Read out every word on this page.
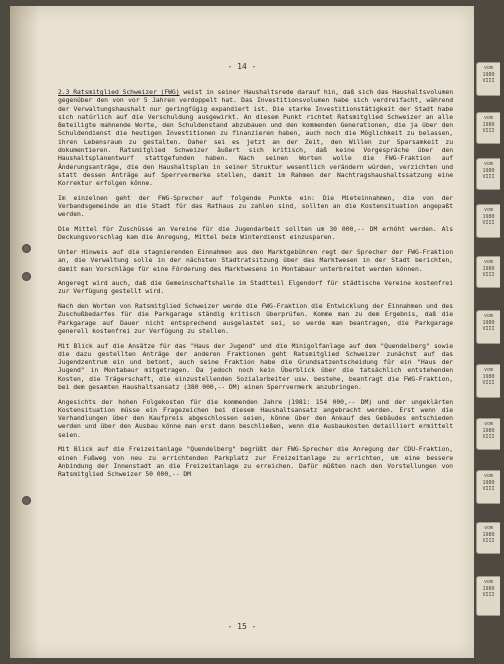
- 14 -

2.3 Ratsmitglied Schweizer (FWG) weist in seiner Haushaltsrede darauf hin, daß sich das Haushaltsvolumen gegenüber den von vor 5 Jahren verdoppelt hat. Das Investitionsvolumen habe sich verdreifacht, während der Verwaltungshaushalt nur geringfügig expandiert ist. Die starke Investitionstätigkeit der Stadt habe sich natürlich auf die Verschuldung ausgewirkt. An diesem Punkt richtet Ratsmitglied Schweizer an alle Beteiligte mahnende Worte, den Schuldenstand abzubauen und den kommenden Generationen, die ja über den Schuldendienst die heutigen Investitionen zu finanzieren haben, auch noch die Möglichkeit zu belassen, ihren Lebensraum zu gestalten. Daher sei es jetzt an der Zeit, den Willen zur Sparsamkeit zu dokumentieren. Ratsmitglied Schweizer äußert sich kritisch, daß keine Vorgespräche über den Haushaltsplanentwurf stattgefunden haben. Nach seinen Worten wolle die FWG-Fraktion auf Änderungsanträge, die den Haushaltsplan in seiner Struktur wesentlich verändern würden, verzichten und statt dessen Anträge auf Sperrvermerke stellen, damit im Rahmen der Nachtragshaushaltssatzung eine Korrektur erfolgen könne.

Im einzelnen geht der FWG-Sprecher auf folgende Punkte ein: Die Mieteinnahmen, die von der Verbandsgemeinde an die Stadt für das Rathaus zu zahlen sind, sollten an die Kostensituation angepaßt werden.

Die Mittel für Zuschüsse an Vereine für die Jugendarbeit sollten um 30 000,-- DM erhöht werden. Als Deckungsvorschlag kam die Anregung, Mittel beim Winterdienst einzusparen.

Unter Hinweis auf die stagnierenden Einnahmen aus den Marktgebühren regt der Sprecher der FWG-Fraktion an, die Verwaltung solle in der nächsten Stadtratsitzung über das Marktwesen in der Stadt berichten, damit man Vorschläge für eine Förderung des Marktwesens in Montabaur unterbreitet werden können.

Angeregt wird auch, daß die Gemeinschaftshalle im Stadtteil Elgendorf für städtische Vereine kostenfrei zur Verfügung gestellt wird.

Nach den Worten von Ratsmitglied Schweizer werde die FWG-Fraktion die Entwicklung der Einnahmen und des Zuschußbedarfes für die Parkgarage ständig kritisch überprüfen. Komme man zu dem Ergebnis, daß die Parkgarage auf Dauer nicht entsprechend ausgelastet sei, so werde man beantragen, die Parkgarage generell kostenfrei zur Verfügung zu stellen.

Mit Blick auf die Ansätze für das "Haus der Jugend" und die Minigolfanlage auf dem "Quendelberg" sowie die dazu gestellten Anträge der anderen Fraktionen geht Ratsmitglied Schweizer zunächst auf das Jugendzentrum ein und betont, auch seine Fraktion habe die Grundsatzentscheidung für ein "Haus der Jugend" in Montabaur mitgetragen. Da jedoch noch kein Überblick über die tatsächlich entstehenden Kosten, die Trägerschaft, die einzustellenden Sozialarbeiter usw. bestehe, beantragt die FWG-Fraktion, bei dem gesamten Haushaltsansatz (380 000,-- DM) einen Sperrvermerk anzubringen.

Angesichts der hohen Folgekosten für die kommenden Jahre (1981: 154 000,-- DM) und der ungeklärten Kostensituation müsse ein Fragezeichen bei diesem Haushaltsansatz angebracht werden. Erst wenn die Verhandlungen über den Kaufpreis abgeschlossen seien, könne über den Ankauf des Gebäudes entschieden werden und über den Ausbau könne man erst dann beschließen, wenn die Ausbaukosten detailliert ermittelt seien.

Mit Blick auf die Freizeitanlage "Quendelberg" begrüßt der FWG-Sprecher die Anregung der CDU-Fraktion, einen Fußweg von neu zu errichtenden Parkplatz zur Freizeitanlage zu errichten, um eine bessere Anbindung der Innenstadt an die Freizeitanlage zu erreichen. Dafür müßten nach den Vorstellungen von Ratsmitglied Schweizer 50 000,-- DM

- 15 -
vom 1980 VIII
vom 1980 VIII
vom 1980 VIII
vom 1980 VIII
vom 1980 VIII
vom 1980 VIII
vom 1980 VIII
vom 1980 VIII
vom 1980 VIII
vom 1980 VIII
vom 1980 VIII
